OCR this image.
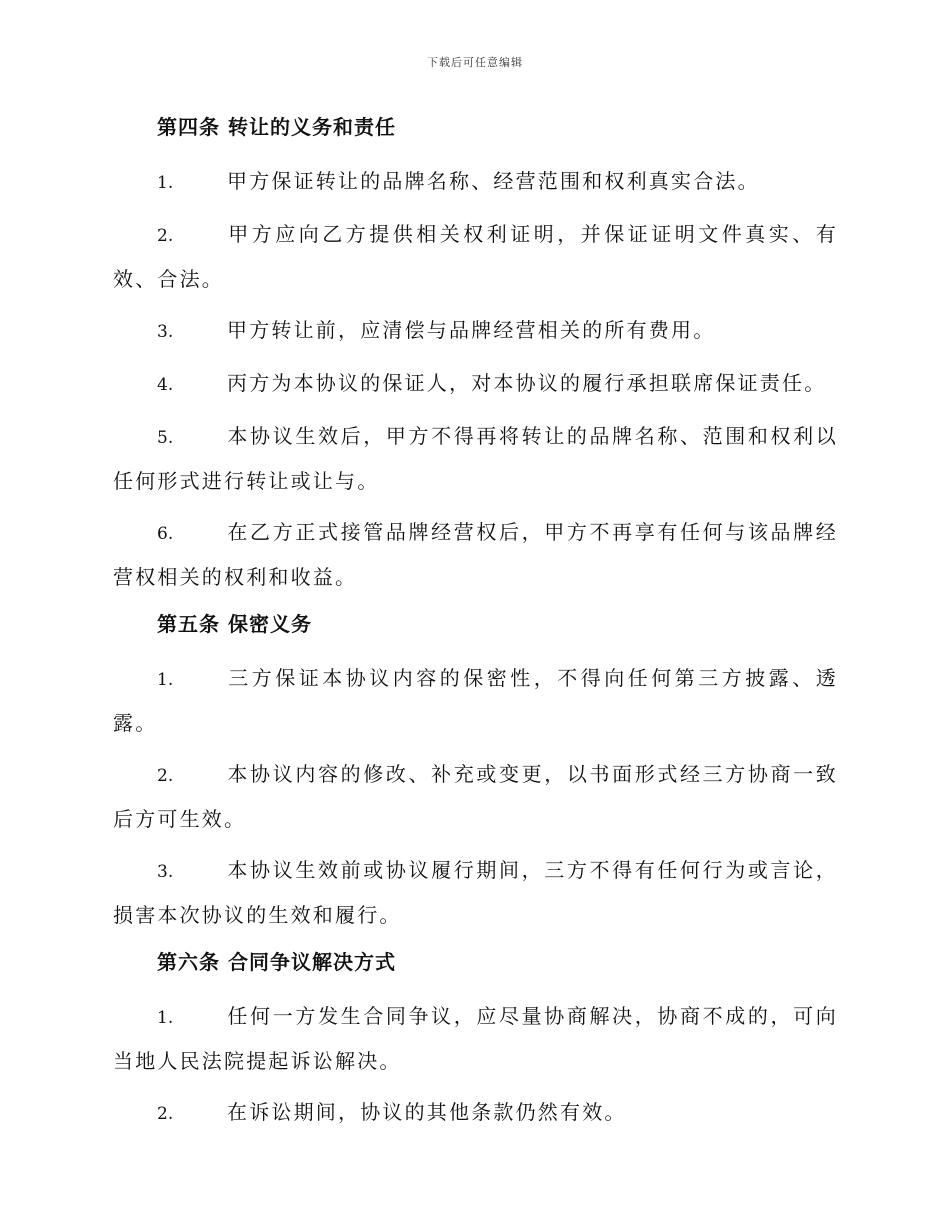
下载后可任意编辑
第四条 转让的义务和责任

1.	甲方保证转让的品牌名称、经营范围和权利真实合法。

2.	甲方应向乙方提供相关权利证明，并保证证明文件真实、有效、合法。

3.	甲方转让前，应清偿与品牌经营相关的所有费用。

4.	丙方为本协议的保证人，对本协议的履行承担联席保证责任。

5.	本协议生效后，甲方不得再将转让的品牌名称、范围和权利以任何形式进行转让或让与。

6.	在乙方正式接管品牌经营权后，甲方不再享有任何与该品牌经营权相关的权利和收益。

第五条 保密义务

1.	三方保证本协议内容的保密性，不得向任何第三方披露、透露。

2.	本协议内容的修改、补充或变更，以书面形式经三方协商一致后方可生效。

3.	本协议生效前或协议履行期间，三方不得有任何行为或言论，损害本次协议的生效和履行。

第六条 合同争议解决方式

1.	任何一方发生合同争议，应尽量协商解决，协商不成的，可向当地人民法院提起诉讼解决。

2.	在诉讼期间，协议的其他条款仍然有效。
